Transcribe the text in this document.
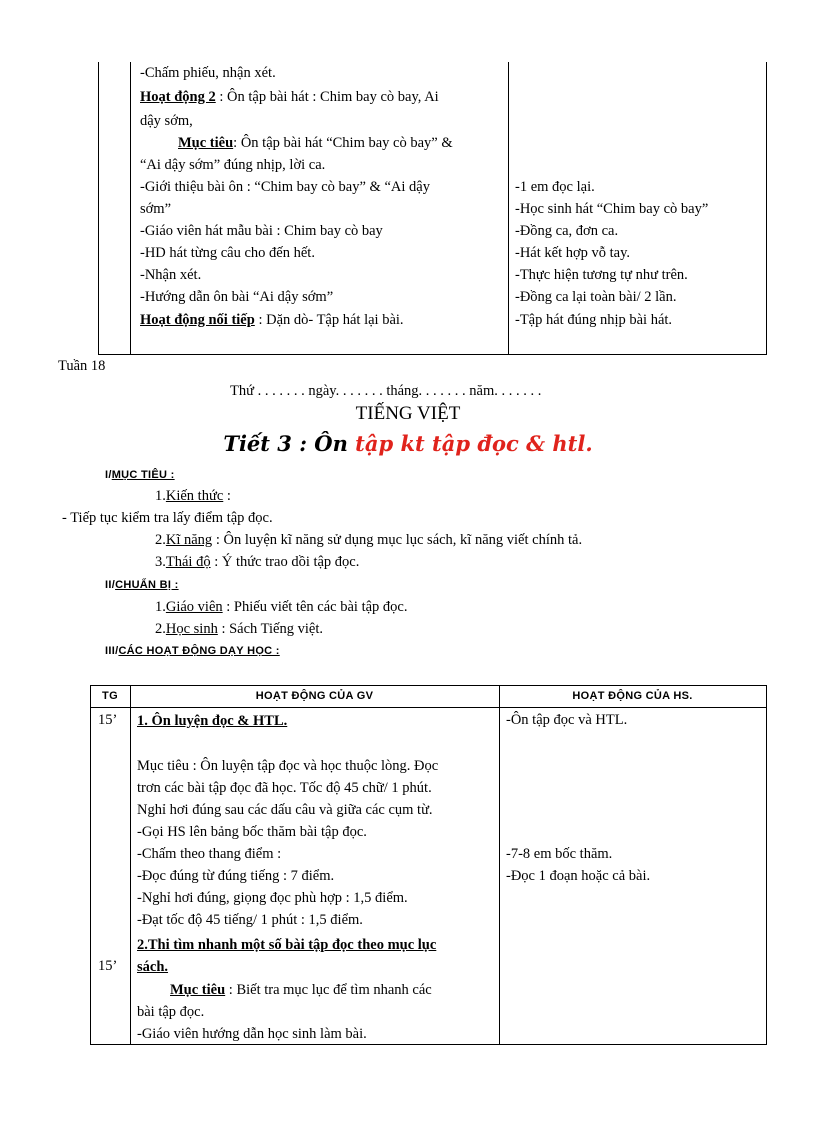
-Chấm phiếu, nhận xét.
Hoạt động 2 : Ôn tập bài hát : Chim bay cò bay, Ai
dậy sớm,
Mục tiêu: Ôn tập bài hát “Chim bay cò bay” &
“Ai dậy sớm” đúng nhịp, lời ca.
-Giới thiệu bài ôn : “Chim bay cò bay” & “Ai dậy
sớm”
-Giáo viên hát mẫu bài : Chim bay cò bay
-HD hát từng câu cho đến hết.
-Nhận xét.
-Hướng dẫn ôn bài “Ai dậy sớm”
Hoạt động nối tiếp : Dặn dò- Tập hát lại bài.
-1 em đọc lại.
-Học sinh hát “Chim bay cò bay”
-Đồng ca, đơn ca.
-Hát kết hợp vỗ tay.
-Thực hiện tương tự như trên.
-Đồng ca lại toàn bài/ 2 lần.
-Tập hát đúng nhịp bài hát.
Tuần 18
Thứ . . . . . . . ngày. . . . . . . tháng. . . . . . . năm. . . . . . .
TIẾNG VIỆT
Tiết 3 : Ôn tập kt tập đọc & htl.
I/MỤC TIÊU :
1.Kiến thức :
- Tiếp tục kiểm tra lấy điểm tập đọc.
2.Kĩ năng : Ôn luyện kĩ năng sử dụng mục lục sách, kĩ năng viết chính tả.
3.Thái độ : Ý thức trao dồi tập đọc.
II/CHUẨN BỊ :
1.Giáo viên : Phiếu viết tên các bài tập đọc.
2.Học sinh : Sách Tiếng việt.
III/CÁC HOẠT ĐỘNG DẠY HỌC :
TG	HOẠT ĐỘNG CỦA GV	HOẠT ĐỘNG CỦA HS.
15’
15’
1. Ôn luyện đọc & HTL.
Mục tiêu : Ôn luyện tập đọc và học thuộc lòng. Đọc
trơn các bài tập đọc đã học. Tốc độ 45 chữ/ 1 phút.
Nghỉ hơi đúng sau các dấu câu và giữa các cụm từ.
-Gọi HS lên bảng bốc thăm bài tập đọc.
-Chấm theo thang điểm :
-Đọc đúng từ đúng tiếng : 7 điểm.
-Nghỉ hơi đúng, giọng đọc phù hợp : 1,5 điểm.
-Đạt tốc độ 45 tiếng/ 1 phút : 1,5 điểm.
2.Thi tìm nhanh một số bài tập đọc theo mục lục
sách.
Mục tiêu : Biết tra mục lục để tìm nhanh các
bài tập đọc.
-Giáo viên hướng dẫn học sinh làm bài.
-Ôn tập đọc và HTL.
-7-8 em bốc thăm.
-Đọc 1 đoạn hoặc cả bài.
